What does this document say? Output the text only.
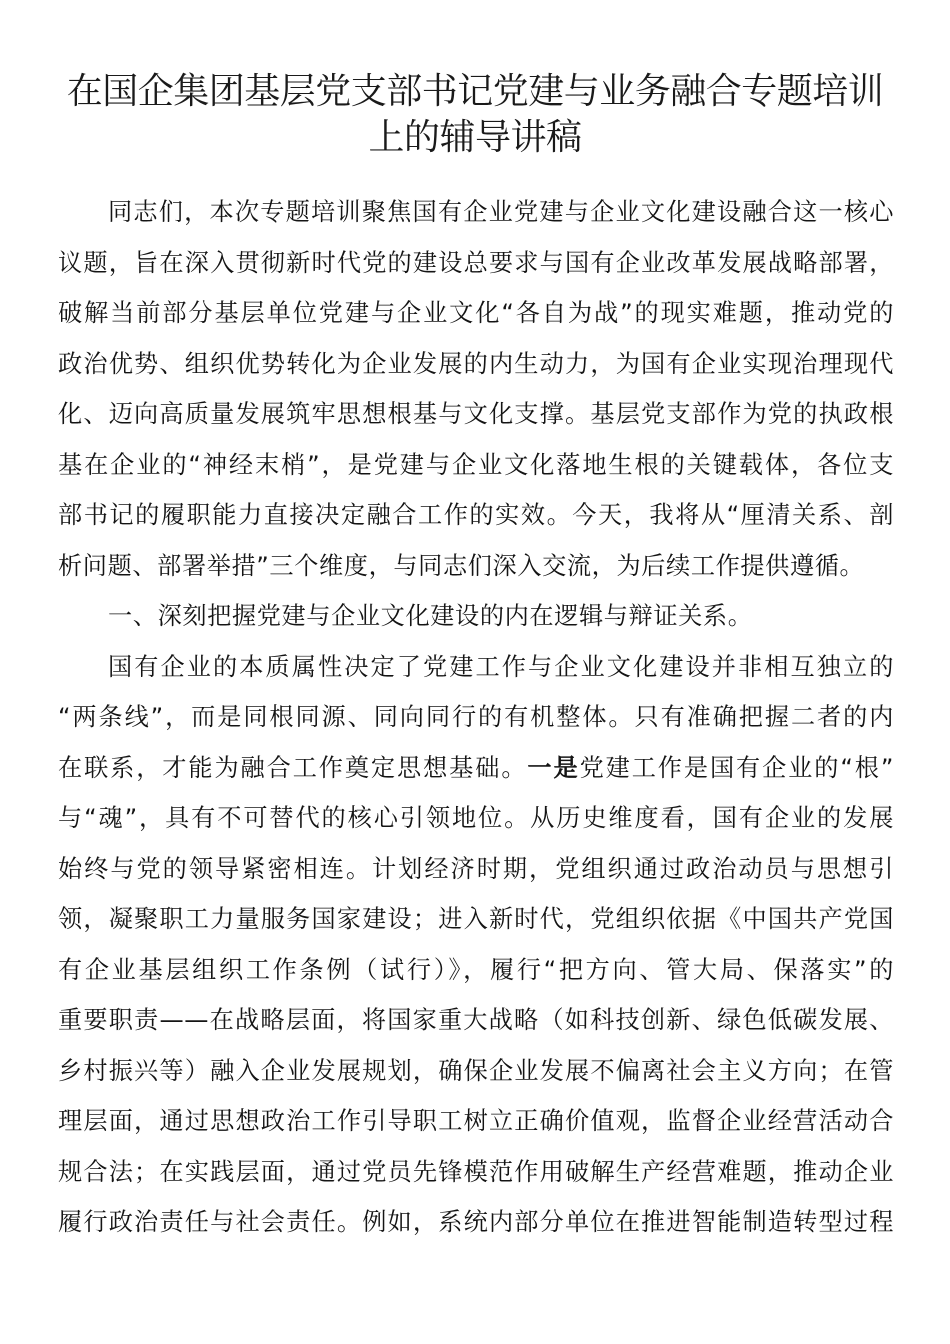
在国企集团基层党支部书记党建与业务融合专题培训
上的辅导讲稿
同志们，本次专题培训聚焦国有企业党建与企业文化建设融合这一核心
议题，旨在深入贯彻新时代党的建设总要求与国有企业改革发展战略部署，
破解当前部分基层单位党建与企业文化“各自为战”的现实难题，推动党的
政治优势、组织优势转化为企业发展的内生动力，为国有企业实现治理现代
化、迈向高质量发展筑牢思想根基与文化支撑。基层党支部作为党的执政根
基在企业的“神经末梢”，是党建与企业文化落地生根的关键载体，各位支
部书记的履职能力直接决定融合工作的实效。今天，我将从“厘清关系、剖
析问题、部署举措”三个维度，与同志们深入交流，为后续工作提供遵循。
一、深刻把握党建与企业文化建设的内在逻辑与辩证关系。
国有企业的本质属性决定了党建工作与企业文化建设并非相互独立的
“两条线”，而是同根同源、同向同行的有机整体。只有准确把握二者的内
在联系，才能为融合工作奠定思想基础。一是党建工作是国有企业的“根”
与“魂”，具有不可替代的核心引领地位。从历史维度看，国有企业的发展
始终与党的领导紧密相连。计划经济时期，党组织通过政治动员与思想引
领，凝聚职工力量服务国家建设；进入新时代，党组织依据《中国共产党国
有企业基层组织工作条例（试行）》，履行“把方向、管大局、保落实”的
重要职责——在战略层面，将国家重大战略（如科技创新、绿色低碳发展、
乡村振兴等）融入企业发展规划，确保企业发展不偏离社会主义方向；在管
理层面，通过思想政治工作引导职工树立正确价值观，监督企业经营活动合
规合法；在实践层面，通过党员先锋模范作用破解生产经营难题，推动企业
履行政治责任与社会责任。例如，系统内部分单位在推进智能制造转型过程
